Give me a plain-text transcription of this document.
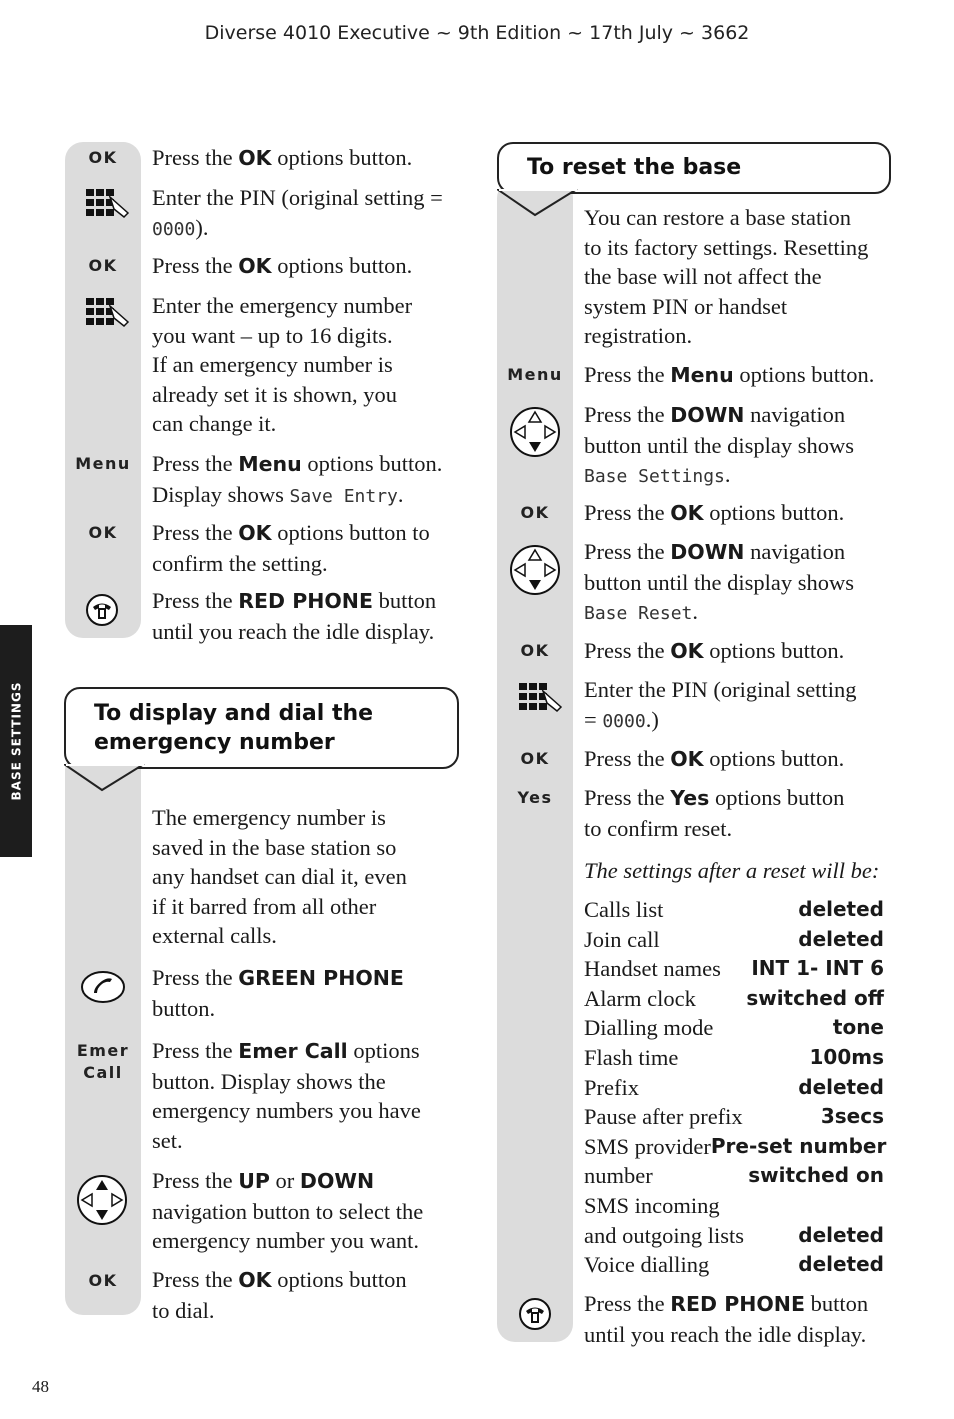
Diverse 4010 Executive ~ 9th Edition ~ 17th July ~ 3662
BASE SETTINGS
48
OK	Press the OK options button.
Enter the PIN (original setting = 0000).
OK	Press the OK options button.
Enter the emergency number
you want – up to 16 digits.
If an emergency number is
already set it is shown, you
can change it.
Menu Press the Menu options button.
Display shows Save Entry.
OK	Press the OK options button to
confirm the setting.
Press the RED PHONE button
until you reach the idle display.
To display and dial the
emergency number
The emergency number is
saved in the base station so
any handset can dial it, even
if it barred from all other
external calls.
Press the GREEN PHONE
button.
Emer
Call
Press the Emer Call options
button. Display shows the
emergency numbers you have
set.
Press the UP or DOWN
navigation button to select the
emergency number you want.
OK	Press the OK options button
to dial.
To reset the base
You can restore a base station
to its factory settings. Resetting
the base will not affect the
system PIN or handset
registration.
Menu Press the Menu options button.
Press the DOWN navigation
button until the display shows
Base Settings.
OK	Press the OK options button.
Press the DOWN navigation
button until the display shows
Base Reset.
OK	Press the OK options button.
Enter the PIN (original setting
= 0000.)
OK	Press the OK options button.
Yes	Press the Yes options button
to confirm reset.
The settings after a reset will be:
Calls list	deleted
Join call	deleted
Handset names INT 1- INT 6
Alarm clock	switched off
Dialling mode	tone
Flash time	100ms
Prefix	deleted
Pause after prefix	3secs
SMS provider Pre-set number
number	switched on
SMS incoming
and outgoing lists	deleted
Voice dialling	deleted
Press the RED PHONE button
until you reach the idle display.
